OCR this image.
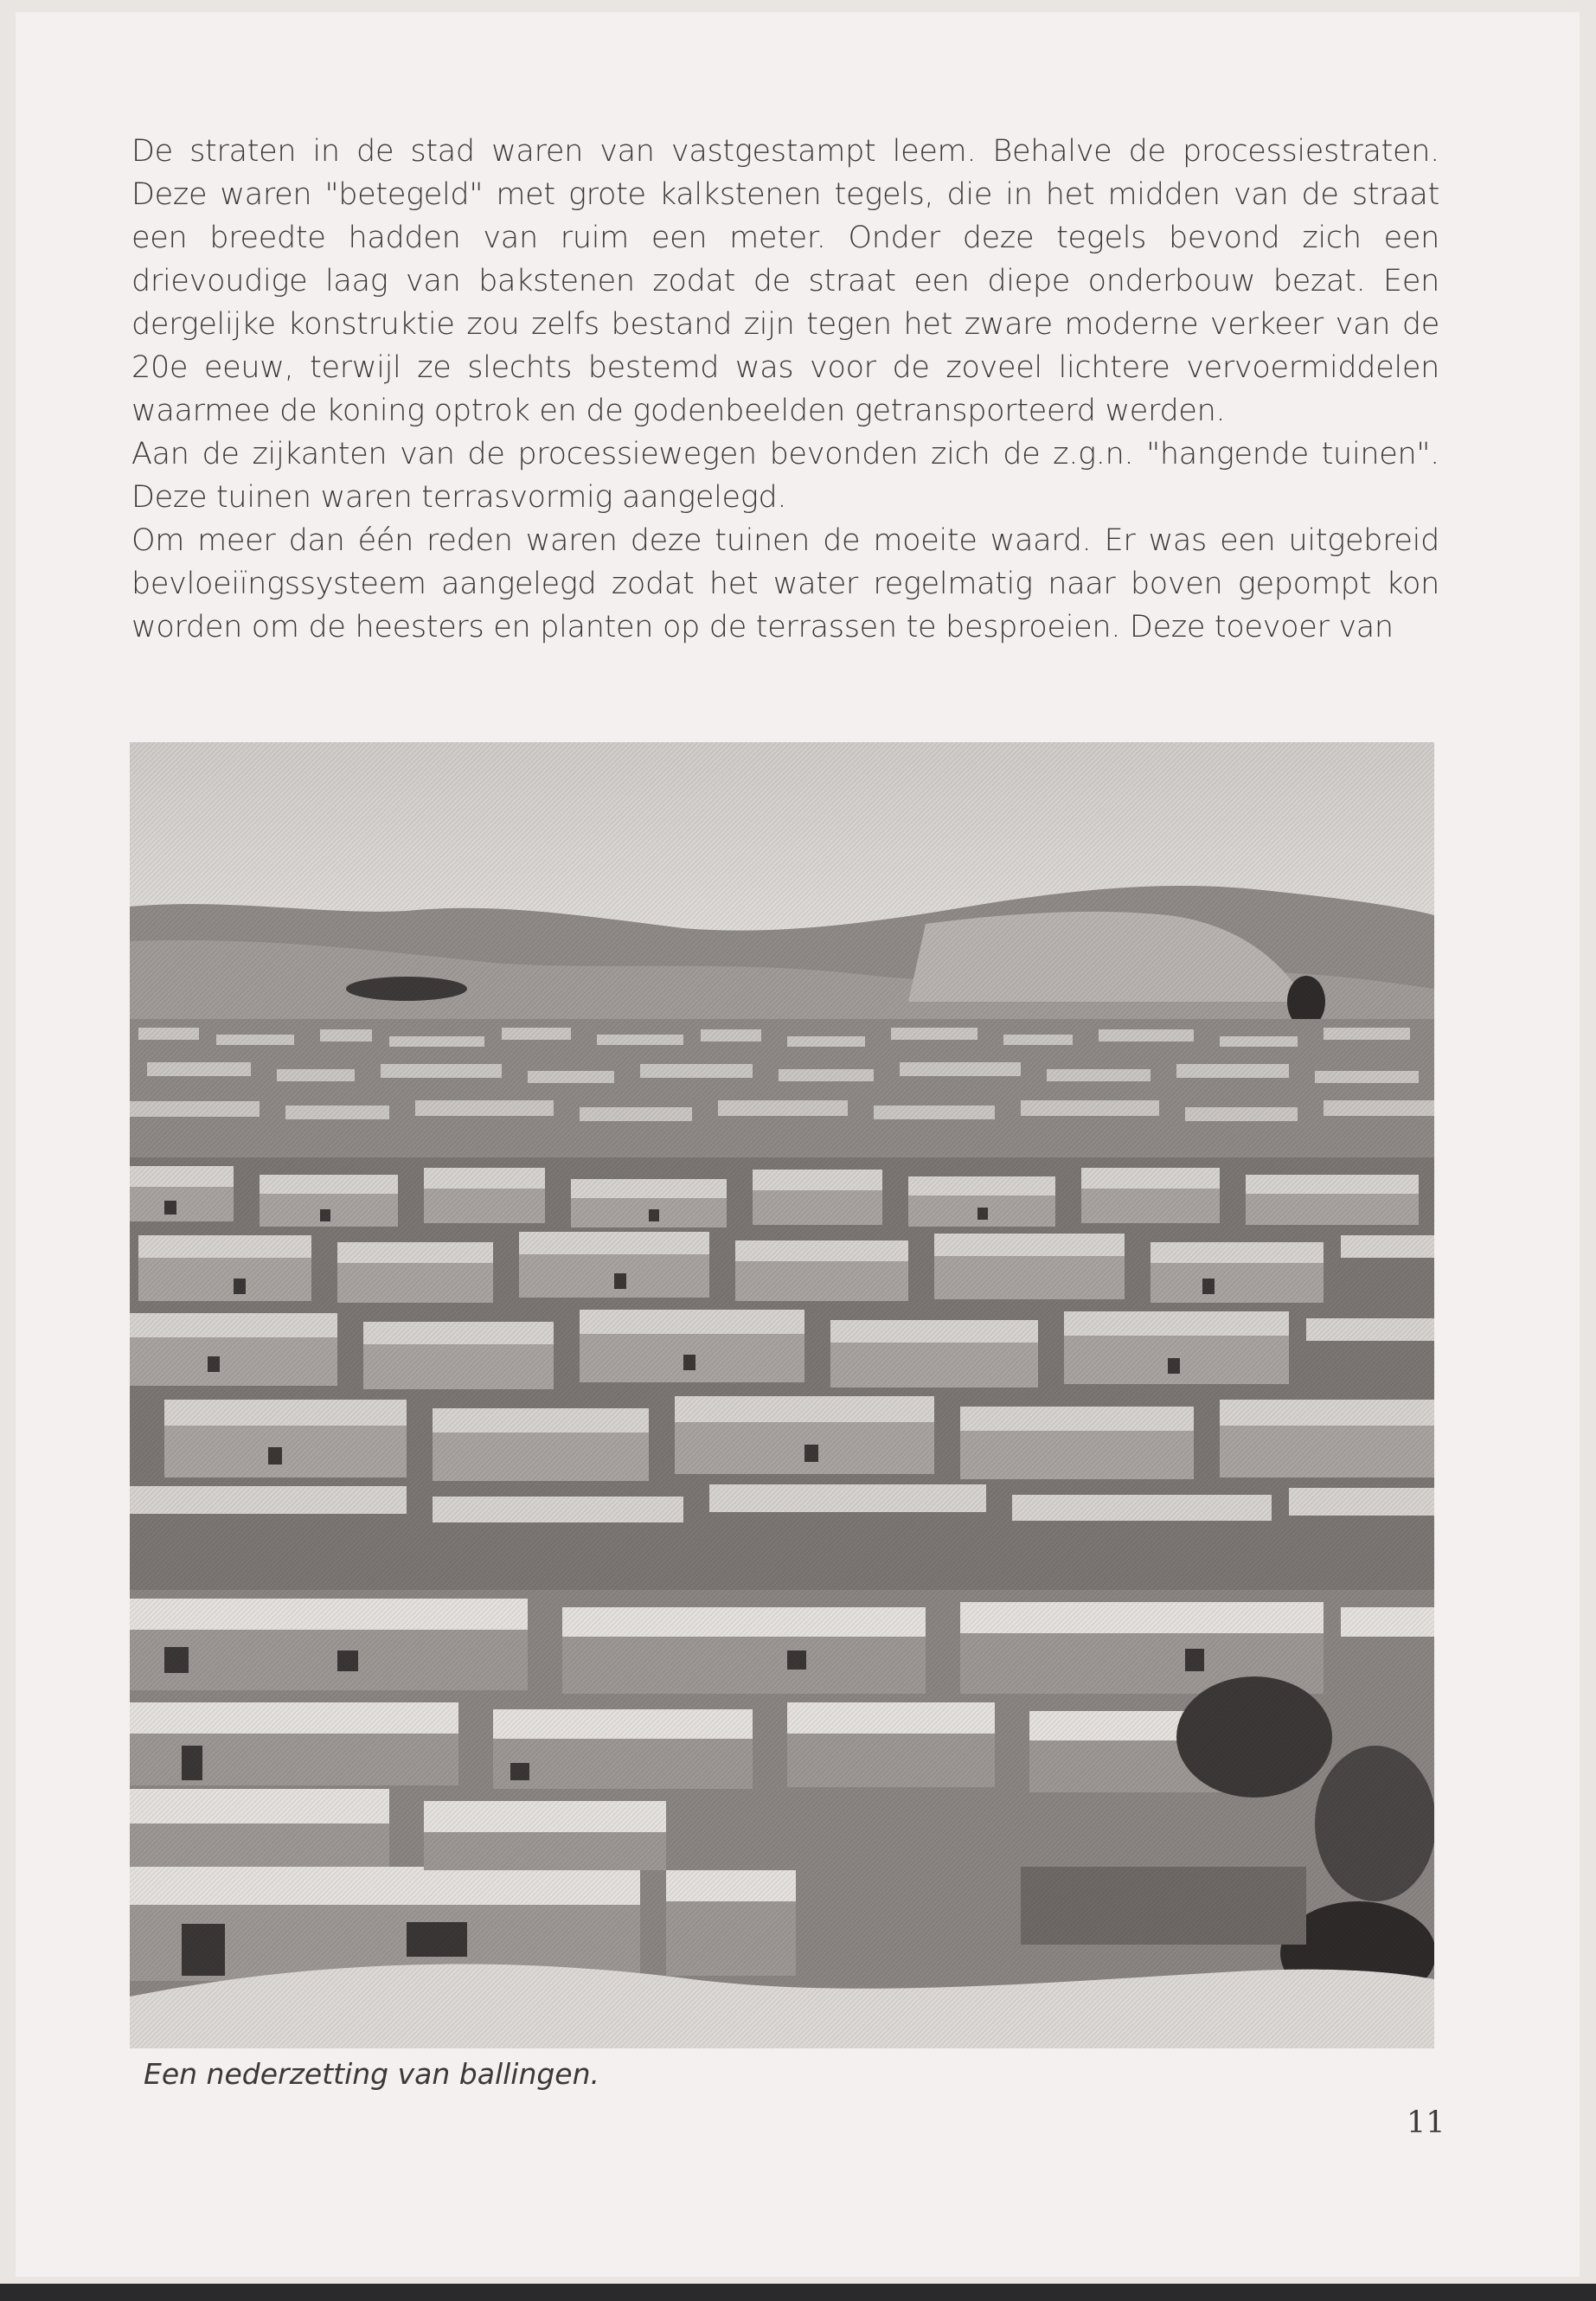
De straten in de stad waren van vastgestampt leem. Behalve de processiestraten. Deze waren "betegeld" met grote kalkstenen tegels, die in het midden van de straat een breedte hadden van ruim een meter. Onder deze tegels bevond zich een drievoudige laag van bakstenen zodat de straat een diepe onderbouw bezat. Een dergelijke konstruktie zou zelfs bestand zijn tegen het zware moderne verkeer van de 20e eeuw, terwijl ze slechts bestemd was voor de zoveel lichtere vervoermiddelen waarmee de koning optrok en de godenbeelden getransporteerd werden.

Aan de zijkanten van de processiewegen bevonden zich de z.g.n. "hangende tuinen". Deze tuinen waren terrasvormig aangelegd.

Om meer dan één reden waren deze tuinen de moeite waard. Er was een uitgebreid bevloeiïngssysteem aangelegd zodat het water regelmatig naar boven gepompt kon worden om de heesters en planten op de terrassen te besproeien. Deze toevoer van

Een nederzetting van ballingen.
11
